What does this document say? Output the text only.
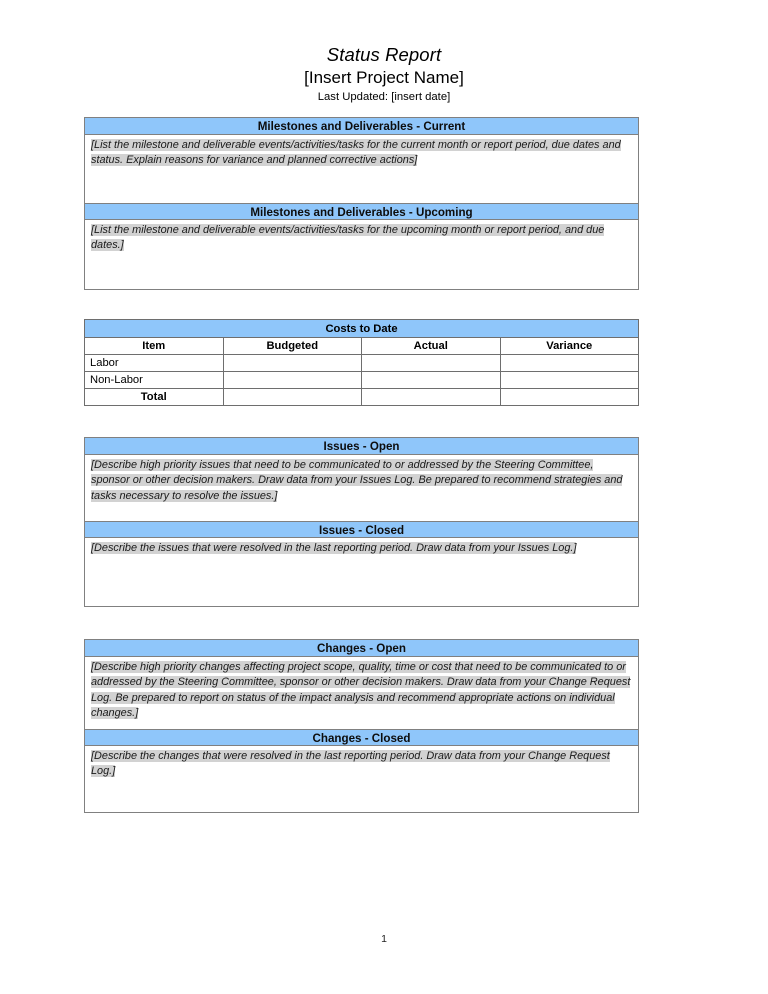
Status Report
[Insert Project Name]
Last Updated: [insert date]
Milestones and Deliverables - Current

[List the milestone and deliverable events/activities/tasks for the current month or report period, due dates and status. Explain reasons for variance and planned corrective actions]

Milestones and Deliverables - Upcoming

[List the milestone and deliverable events/activities/tasks for the upcoming month or report period, and due dates.]

Costs to Date			
Item	Budgeted	Actual	Variance
Labor			
Non-Labor			
Total			
Issues - Open

[Describe high priority issues that need to be communicated to or addressed by the Steering Committee, sponsor or other decision makers. Draw data from your Issues Log. Be prepared to recommend strategies and tasks necessary to resolve the issues.]

Issues - Closed

[Describe the issues that were resolved in the last reporting period. Draw data from your Issues Log.]

Changes - Open

[Describe high priority changes affecting project scope, quality, time or cost that need to be communicated to or addressed by the Steering Committee, sponsor or other decision makers. Draw data from your Change Request Log. Be prepared to report on status of the impact analysis and recommend appropriate actions on individual changes.]

Changes - Closed

[Describe the changes that were resolved in the last reporting period. Draw data from your Change Request Log.]

1
